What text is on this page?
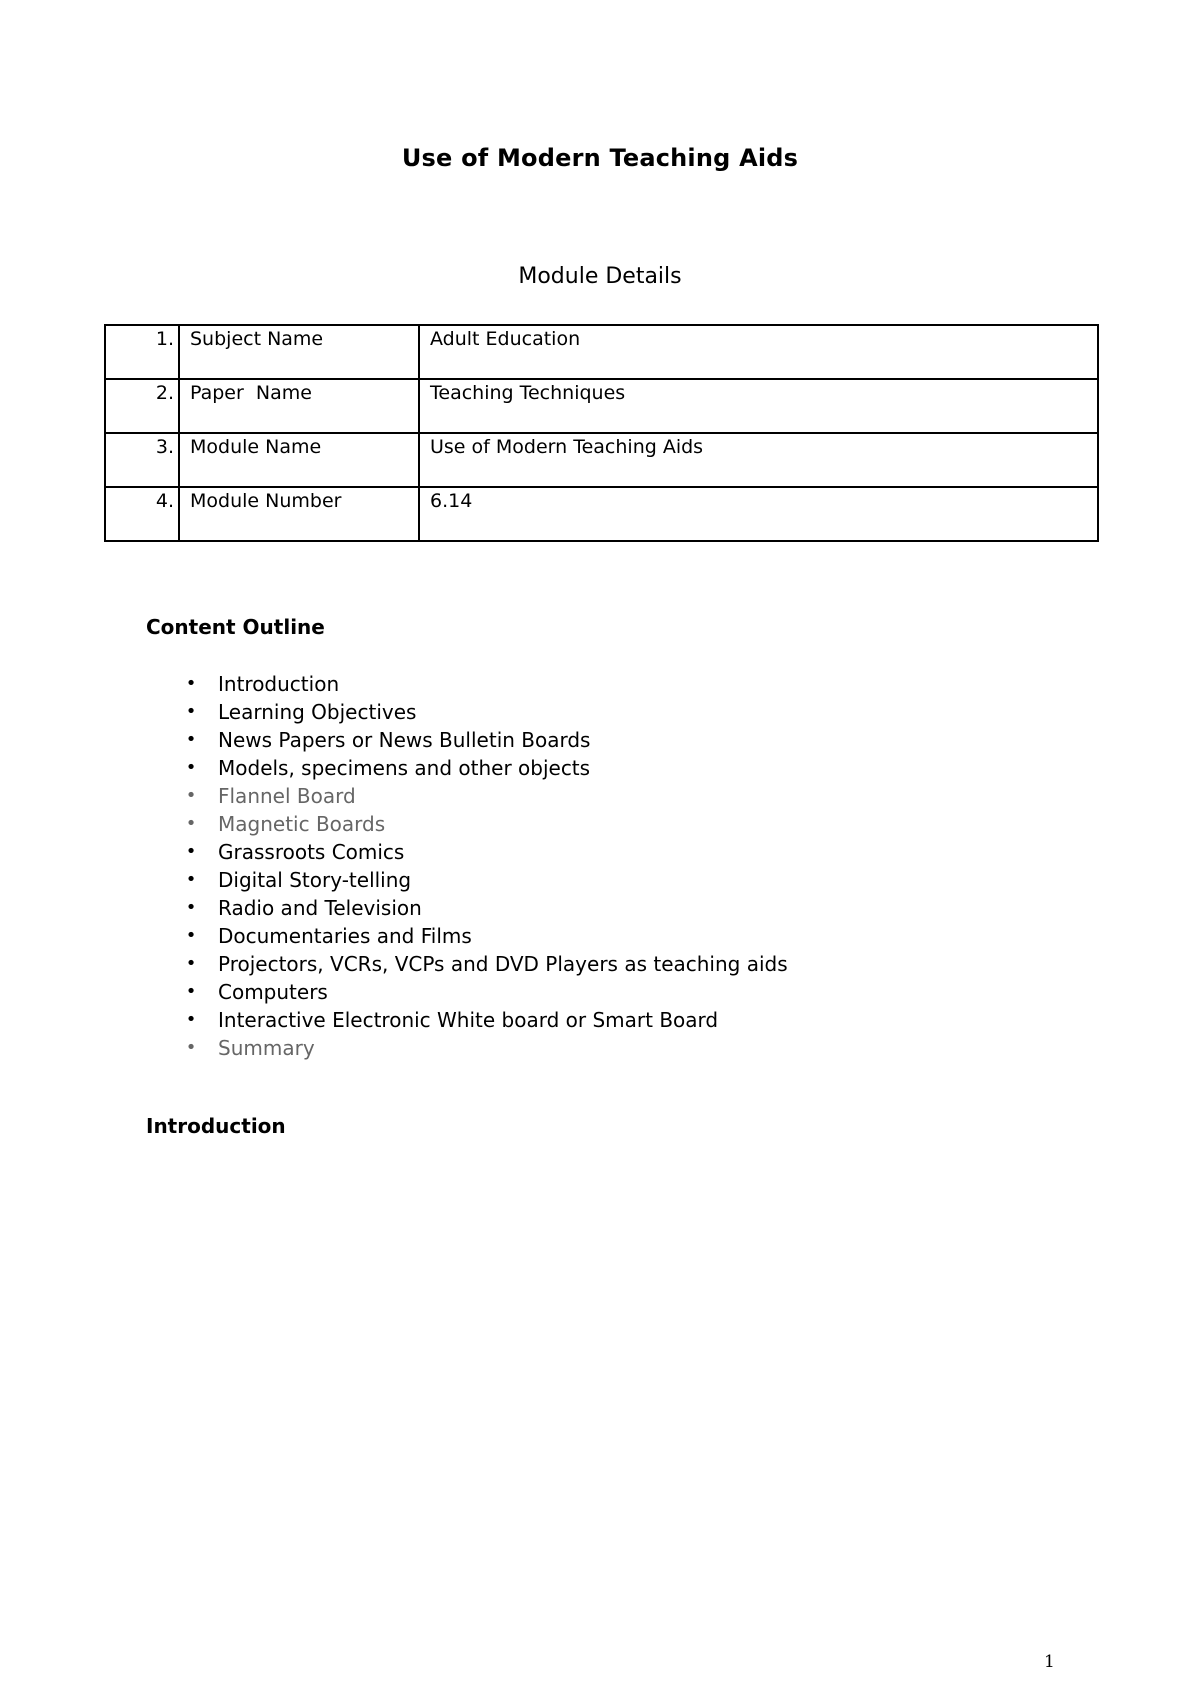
Use of Modern Teaching Aids
Module Details
1.	Subject Name	Adult Education
2.	Paper  Name	Teaching Techniques
3.	Module Name	Use of Modern Teaching Aids
4.	Module Number	6.14
Content Outline
• Introduction
• Learning Objectives
• News Papers or News Bulletin Boards
• Models, specimens and other objects
• Flannel Board
• Magnetic Boards
• Grassroots Comics
• Digital Story-telling
• Radio and Television
• Documentaries and Films
• Projectors, VCRs, VCPs and DVD Players as teaching aids
• Computers
• Interactive Electronic White board or Smart Board
• Summary
Introduction
1
